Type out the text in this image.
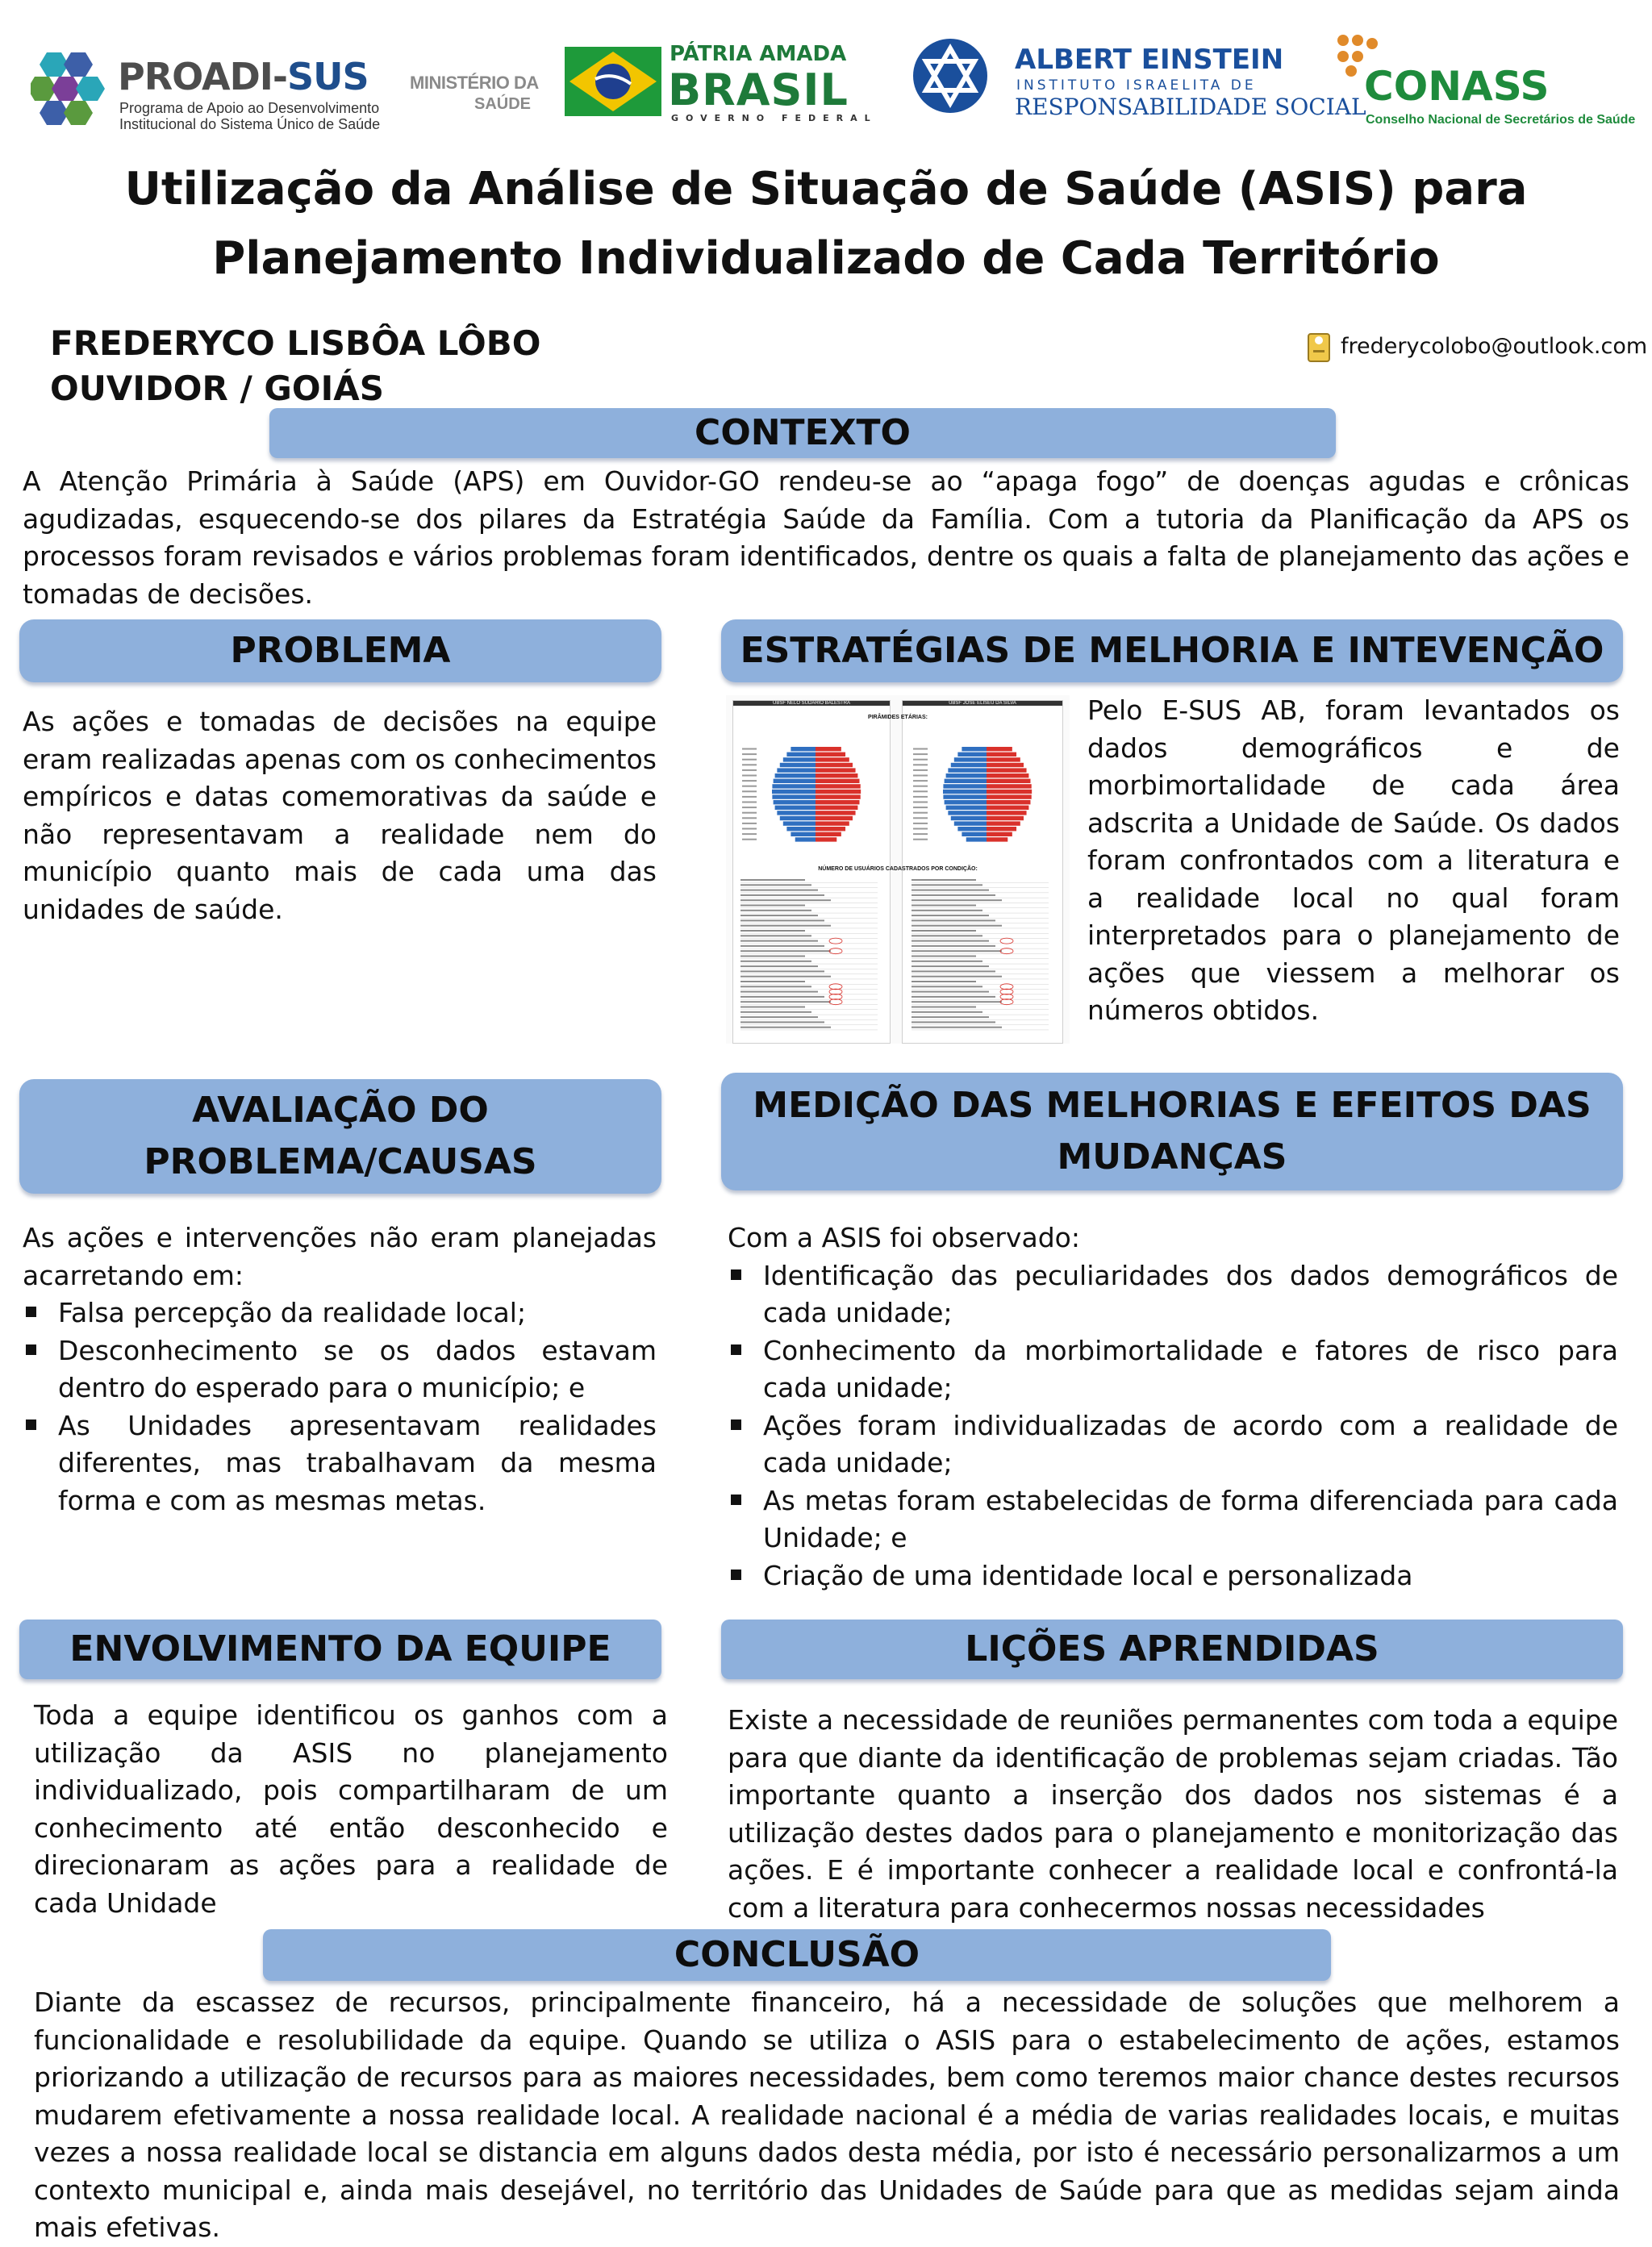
PROADI-SUS
Programa de Apoio ao Desenvolvimento
Institucional do Sistema Único de Saúde
MINISTÉRIO DA
SAÚDE
PÁTRIA AMADA
BRASIL
GOVERNO FEDERAL
ALBERT EINSTEIN
INSTITUTO ISRAELITA DE
RESPONSABILIDADE SOCIAL
CONASS
Conselho Nacional de Secretários de Saúde
Utilização da Análise de Situação de Saúde (ASIS) para
Planejamento Individualizado de Cada Território
FREDERYCO LISBÔA LÔBO
OUVIDOR / GOIÁS
frederycolobo@outlook.com
CONTEXTO
A Atenção Primária à Saúde (APS) em Ouvidor-GO rendeu-se ao “apaga fogo” de doenças agudas e crônicas agudizadas, esquecendo-se dos pilares da Estratégia Saúde da Família. Com a tutoria da Planificação da APS os processos foram revisados e vários problemas foram identificados, dentre os quais a falta de planejamento das ações e tomadas de decisões.
PROBLEMA
As ações e tomadas de decisões na equipe eram realizadas apenas com os conhecimentos empíricos e datas comemorativas da saúde e não representavam a realidade nem do município quanto mais de cada uma das unidades de saúde.
ESTRATÉGIAS DE MELHORIA E INTEVENÇÃO
UBSF NELO SUDÁRIO BALESTRA	UBSF JOSÉ ELISEU DA SILVA
PIRÂMIDES ETÁRIAS:
NÚMERO DE USUÁRIOS CADASTRADOS POR CONDIÇÃO:
Pelo E-SUS AB, foram levantados os dados demográficos e de morbimortalidade de cada área adscrita a Unidade de Saúde. Os dados foram confrontados com a literatura e a realidade local no qual foram interpretados para o planejamento de ações que viessem a melhorar os números obtidos.
AVALIAÇÃO DO
PROBLEMA/CAUSAS
As ações e intervenções não eram planejadas acarretando em:
Falsa percepção da realidade local;
Desconhecimento se os dados estavam dentro do esperado para o município; e
As Unidades apresentavam realidades diferentes, mas trabalhavam da mesma forma e com as mesmas metas.
MEDIÇÃO DAS MELHORIAS E EFEITOS DAS
MUDANÇAS
Com a ASIS foi observado:
Identificação das peculiaridades dos dados demográficos de cada unidade;
Conhecimento da morbimortalidade e fatores de risco para cada unidade;
Ações foram individualizadas de acordo com a realidade de cada unidade;
As metas foram estabelecidas de forma diferenciada para cada Unidade; e
Criação de uma identidade local e personalizada
ENVOLVIMENTO DA EQUIPE
Toda a equipe identificou os ganhos com a utilização da ASIS no planejamento individualizado, pois compartilharam de um conhecimento até então desconhecido e direcionaram as ações para a realidade de cada Unidade
LIÇÕES APRENDIDAS
Existe a necessidade de reuniões permanentes com toda a equipe para que diante da identificação de problemas sejam criadas. Tão importante quanto a inserção dos dados nos sistemas é a utilização destes dados para o planejamento e monitorização das ações. E é importante conhecer a realidade local e confrontá-la com a literatura para conhecermos nossas necessidades
CONCLUSÃO
Diante da escassez de recursos, principalmente financeiro, há a necessidade de soluções que melhorem a funcionalidade e resolubilidade da equipe. Quando se utiliza o ASIS para o estabelecimento de ações, estamos priorizando a utilização de recursos para as maiores necessidades, bem como teremos maior chance destes recursos mudarem efetivamente a nossa realidade local. A realidade nacional é a média de varias realidades locais, e muitas vezes a nossa realidade local se distancia em alguns dados desta média, por isto é necessário personalizarmos a um contexto municipal e, ainda mais desejável, no território das Unidades de Saúde para que as medidas sejam ainda mais efetivas.
